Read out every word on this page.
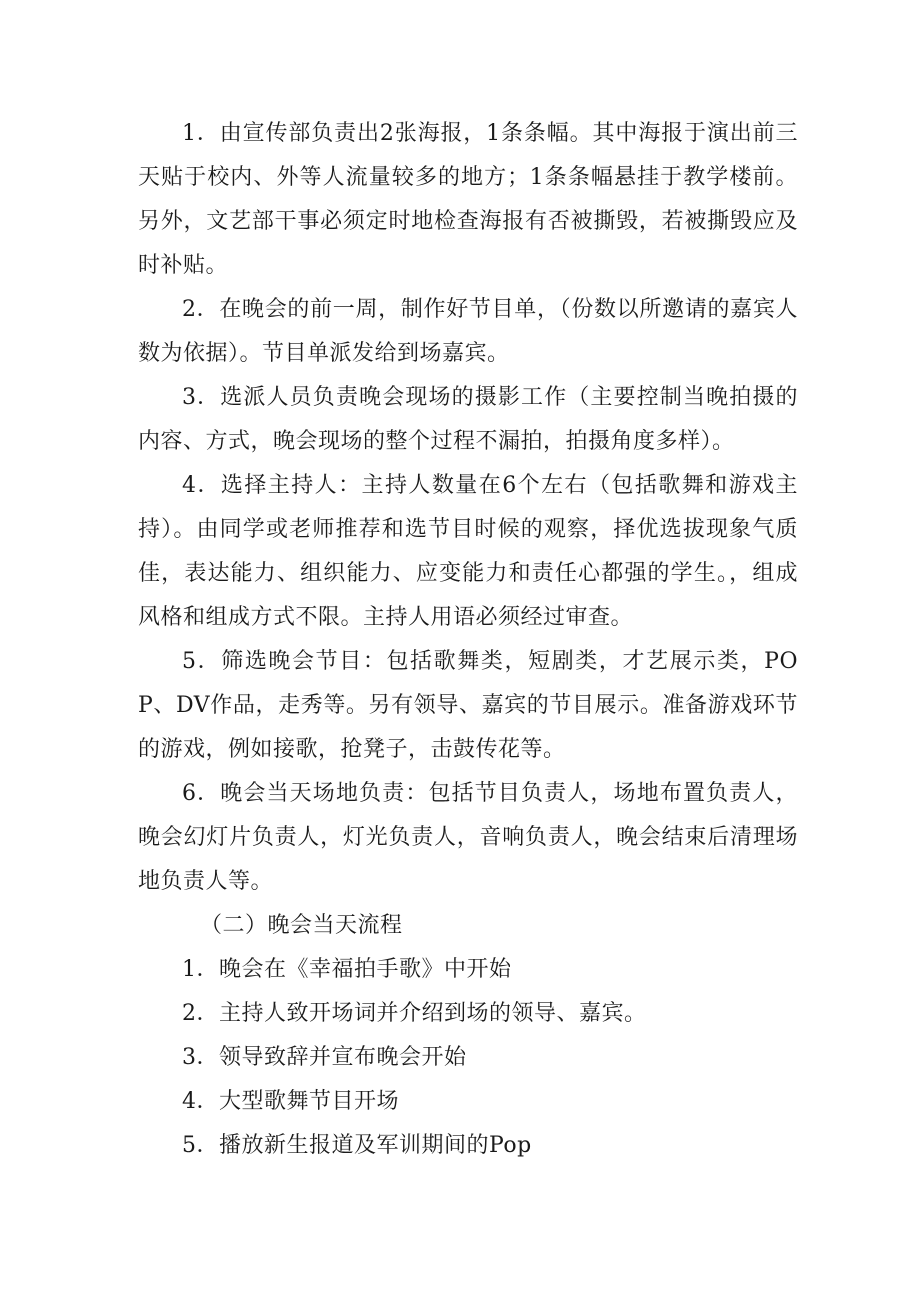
1．由宣传部负责出2张海报，1条条幅。其中海报于演出前三天贴于校内、外等人流量较多的地方；1条条幅悬挂于教学楼前。另外，文艺部干事必须定时地检查海报有否被撕毁，若被撕毁应及时补贴。

2．在晚会的前一周，制作好节目单，（份数以所邀请的嘉宾人数为依据）。节目单派发给到场嘉宾。

3．选派人员负责晚会现场的摄影工作（主要控制当晚拍摄的内容、方式，晚会现场的整个过程不漏拍，拍摄角度多样）。

4．选择主持人：主持人数量在6个左右（包括歌舞和游戏主持）。由同学或老师推荐和选节目时候的观察，择优选拔现象气质佳，表达能力、组织能力、应变能力和责任心都强的学生。，组成风格和组成方式不限。主持人用语必须经过审查。

5．筛选晚会节目：包括歌舞类，短剧类，才艺展示类，POP、DV作品，走秀等。另有领导、嘉宾的节目展示。准备游戏环节的游戏，例如接歌，抢凳子，击鼓传花等。

6．晚会当天场地负责：包括节目负责人，场地布置负责人，晚会幻灯片负责人，灯光负责人，音响负责人，晚会结束后清理场地负责人等。

（二）晚会当天流程

1．晚会在《幸福拍手歌》中开始

2．主持人致开场词并介绍到场的领导、嘉宾。

3．领导致辞并宣布晚会开始

4．大型歌舞节目开场

5．播放新生报道及军训期间的Pop
